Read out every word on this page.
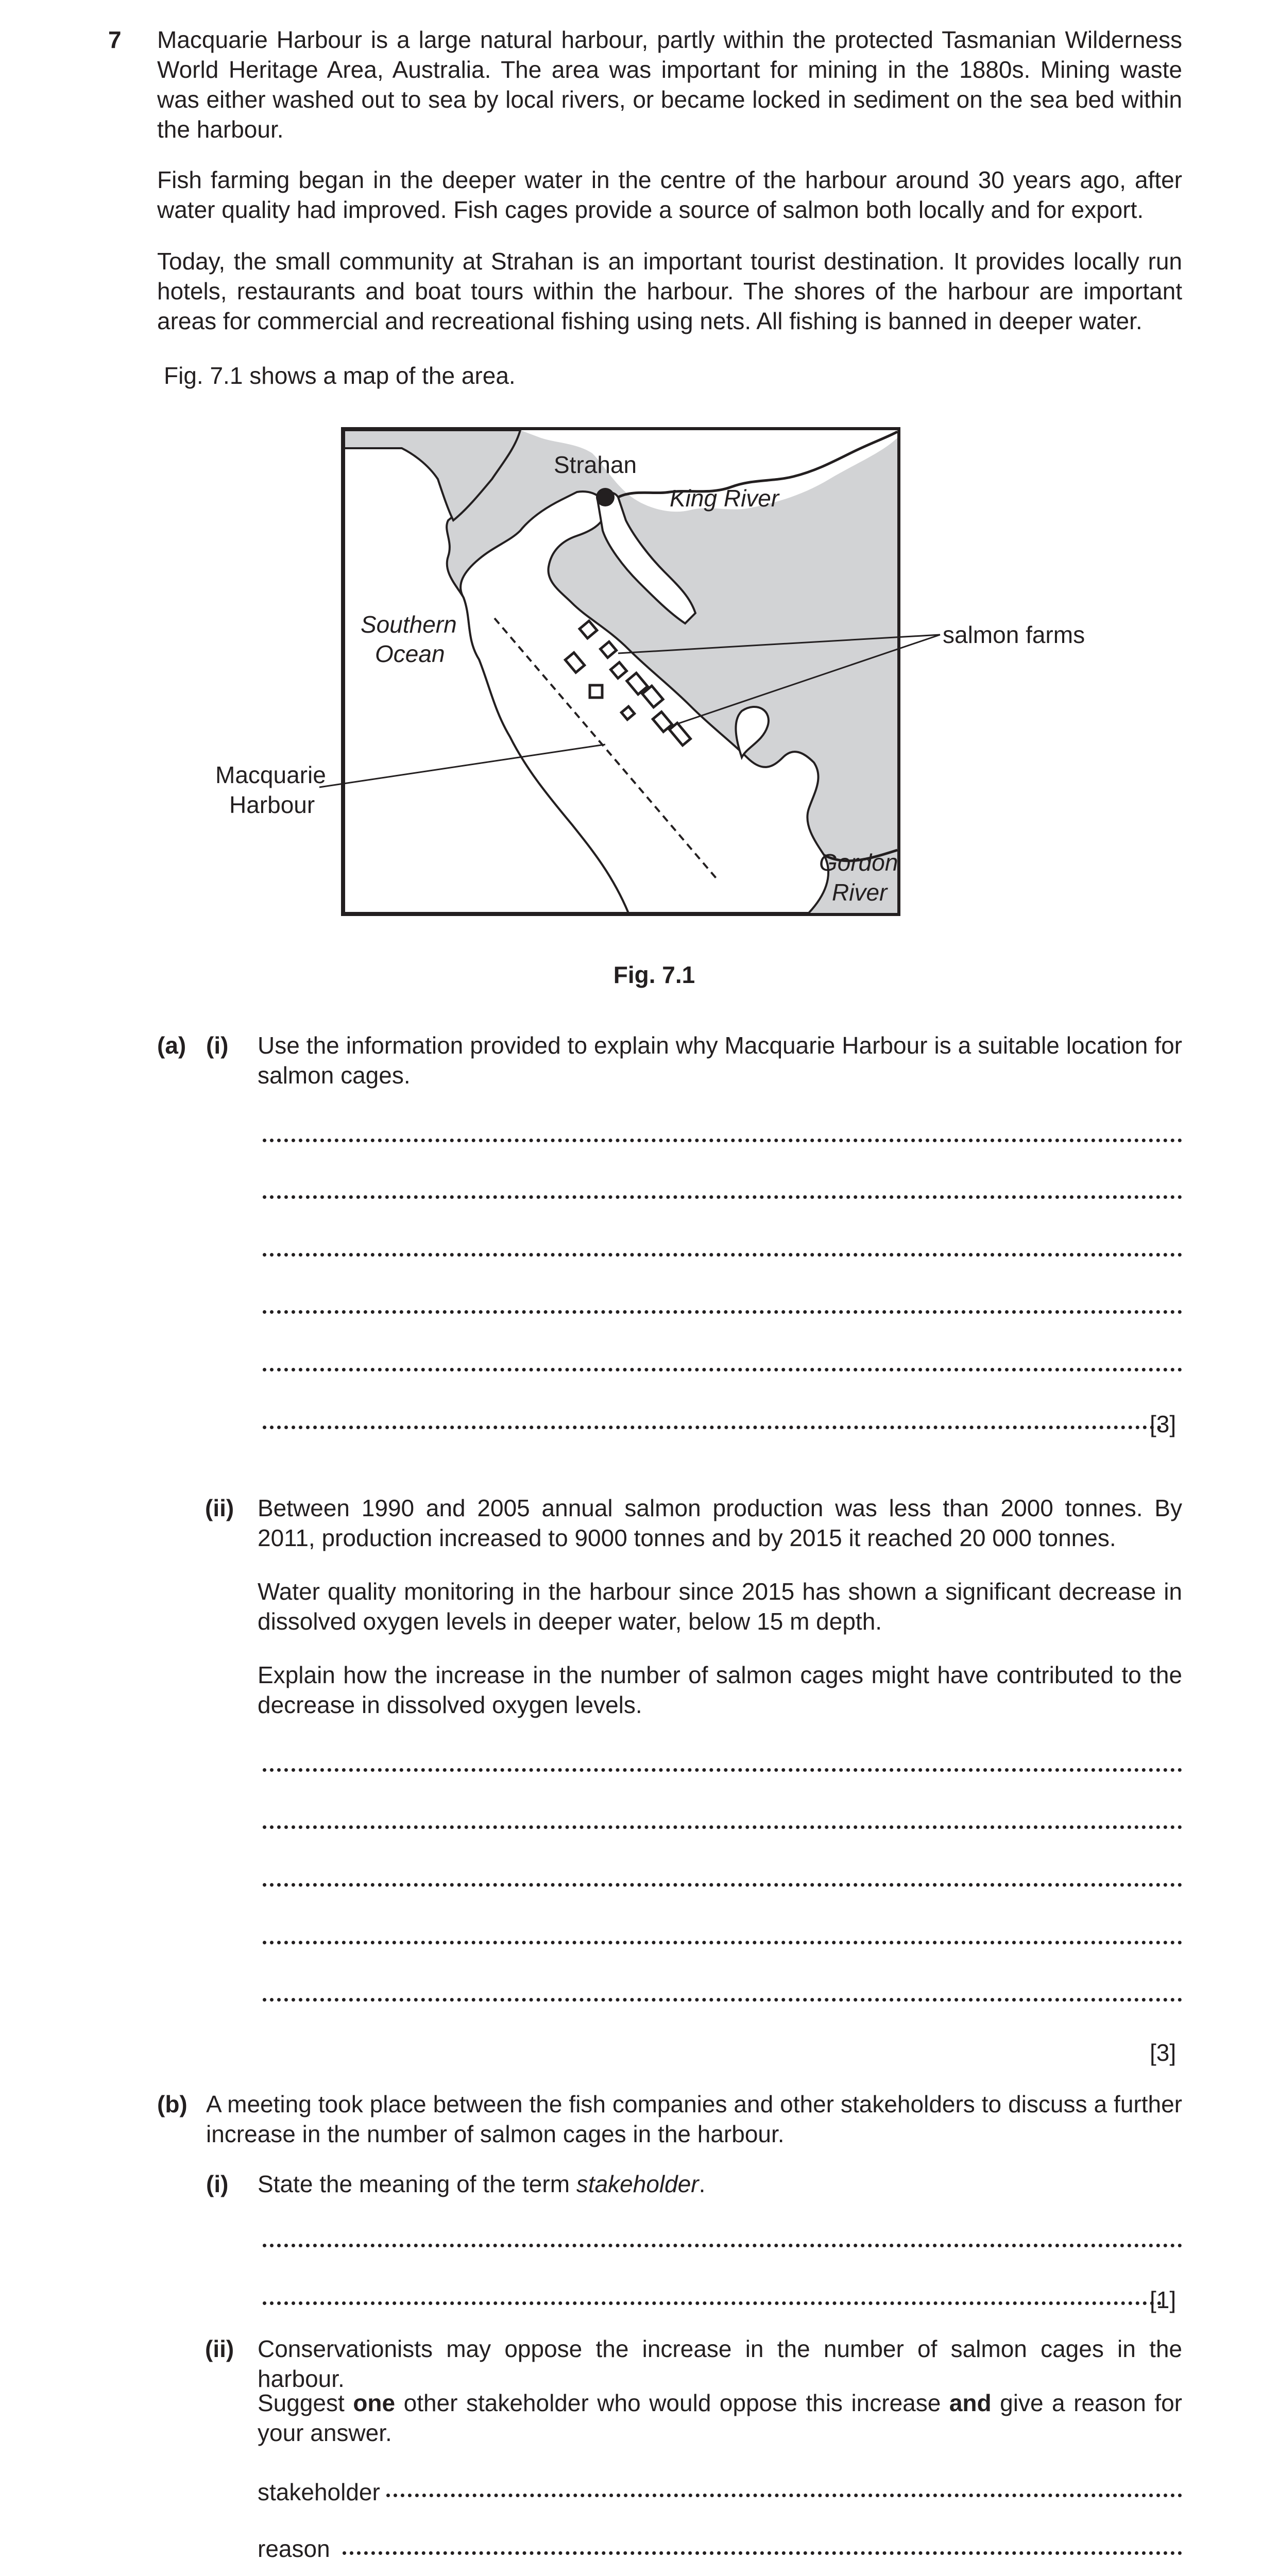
7 Macquarie Harbour is a large natural harbour, partly within the protected Tasmanian Wilderness World Heritage Area, Australia. The area was important for mining in the 1880s. Mining waste was either washed out to sea by local rivers, or became locked in sediment on the sea bed within the harbour.
Fish farming began in the deeper water in the centre of the harbour around 30 years ago, after water quality had improved. Fish cages provide a source of salmon both locally and for export.
Today, the small community at Strahan is an important tourist destination. It provides locally run hotels, restaurants and boat tours within the harbour. The shores of the harbour are important areas for commercial and recreational fishing using nets. All fishing is banned in deeper water.
Fig. 7.1 shows a map of the area.
Strahan
King River
Southern
Ocean
salmon farms
Macquarie
Harbour
Gordon
River
Fig. 7.1
(a) (i) Use the information provided to explain why Macquarie Harbour is a suitable location for salmon cages.
[3]
(ii) Between 1990 and 2005 annual salmon production was less than 2000 tonnes. By 2011, production increased to 9000 tonnes and by 2015 it reached 20 000 tonnes.
Water quality monitoring in the harbour since 2015 has shown a significant decrease in dissolved oxygen levels in deeper water, below 15 m depth.
Explain how the increase in the number of salmon cages might have contributed to the decrease in dissolved oxygen levels.
[3]
(b) A meeting took place between the fish companies and other stakeholders to discuss a further increase in the number of salmon cages in the harbour.
(i) State the meaning of the term stakeholder.
[1]
(ii) Conservationists may oppose the increase in the number of salmon cages in the harbour.
Suggest one other stakeholder who would oppose this increase and give a reason for your answer.
stakeholder
reason
